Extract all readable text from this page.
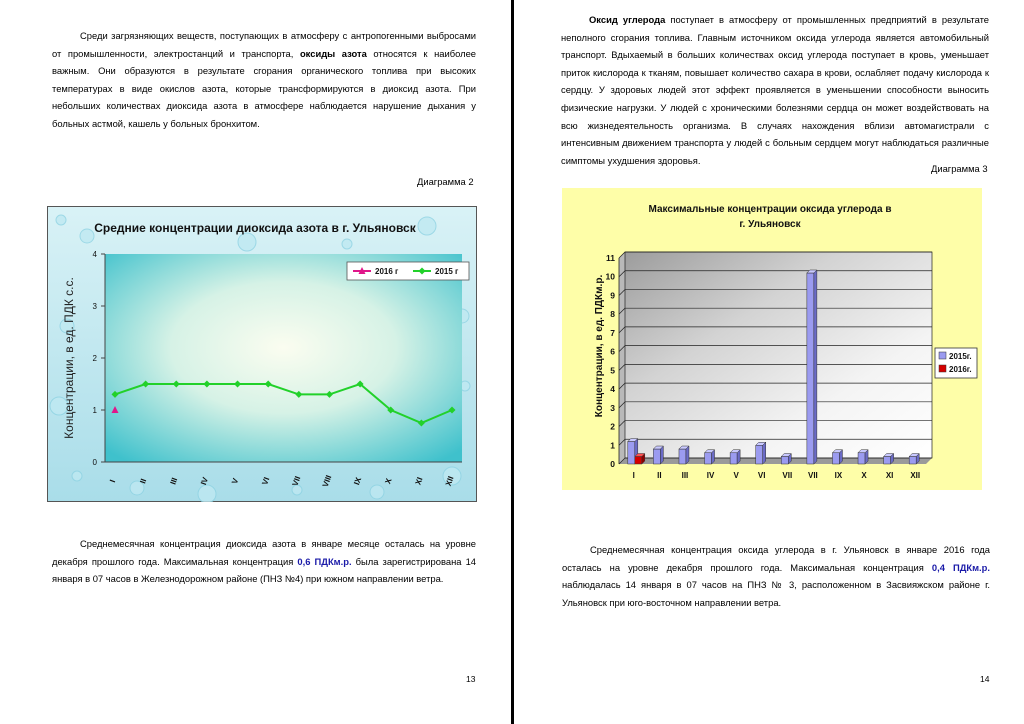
Среди загрязняющих веществ, поступающих в атмосферу с антропогенными выбросами от промышленности, электростанций и транспорта, оксиды азота относятся к наиболее важным. Они образуются в результате сгорания органического топлива при высоких температурах в виде окислов азота, которые трансформируются в диоксид азота. При небольших количествах диоксида азота в атмосфере наблюдается нарушение дыхания у больных астмой, кашель у больных бронхитом.

Диаграмма 2
Средние концентрации диоксида азота в г. Ульяновск
0
1
2
3
4
I	II	III IV V VI VII VIII IX X XI XII
2016 г	2015 г
Концентрации, в ед. ПДК с.с.

Среднемесячная концентрация диоксида азота в январе месяце осталась на уровне декабря прошлого года. Максимальная концентрация 0,6 ПДКм.р. была зарегистрирована 14 января в 07 часов в Железнодорожном районе (ПНЗ №4) при южном направлении ветра.

13

Оксид углерода поступает в атмосферу от промышленных предприятий в результате неполного сгорания топлива. Главным источником оксида углерода является автомобильный транспорт. Вдыхаемый в больших количествах оксид углерода поступает в кровь, уменьшает приток кислорода к тканям, повышает количество сахара в крови, ослабляет подачу кислорода к сердцу. У здоровых людей этот эффект проявляется в уменьшении способности выносить физические нагрузки. У людей с хроническими болезнями сердца он может воздействовать на всю жизнедеятельность организма. В случаях нахождения вблизи автомагистрали с интенсивным движением транспорта у людей с больным сердцем могут наблюдаться различные симптомы ухудшения здоровья.

Диаграмма 3
Максимальные концентрации оксида углерода в
г. Ульяновск
0
1
2
3
4
5
6
7
8
9
10
11
I	II	III IV V VI VII VII IX X XI XII
2015г.
2016г.
Концентрации, в ед. ПДКм.р.

Среднемесячная концентрация оксида углерода в г. Ульяновск в январе 2016 года осталась на уровне декабря прошлого года. Максимальная концентрация 0,4 ПДКм.р. наблюдалась 14 января в 07 часов на ПНЗ № 3, расположенном в Засвияжском районе г. Ульяновск при юго-восточном направлении ветра.

14
